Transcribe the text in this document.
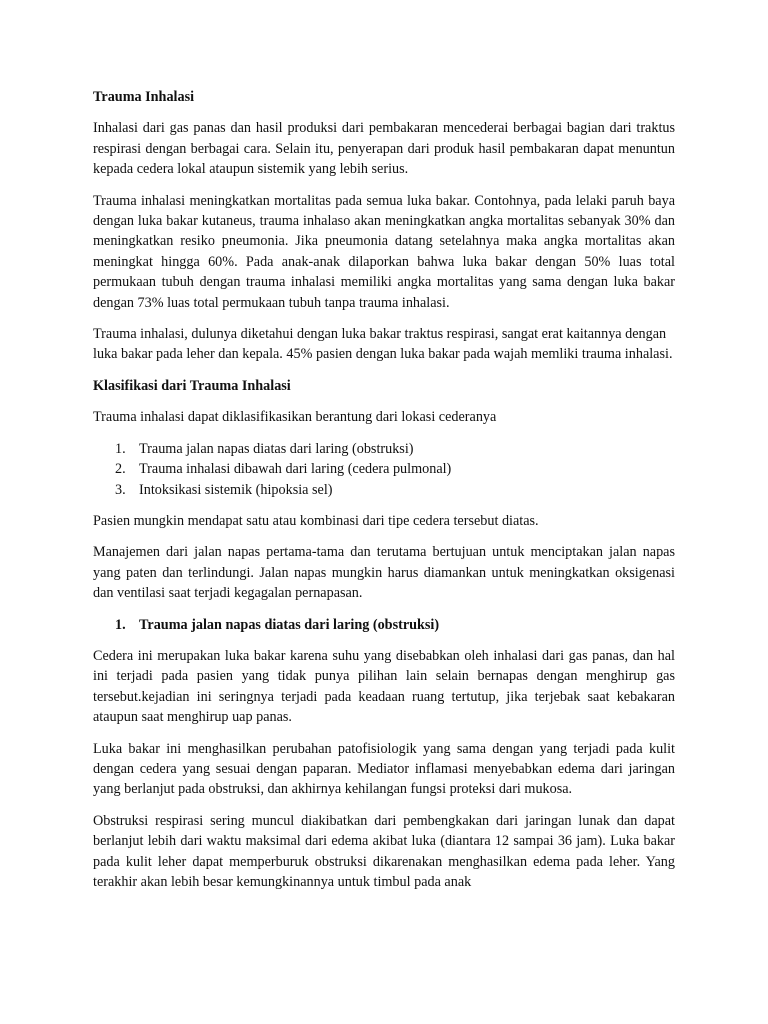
Trauma Inhalasi

Inhalasi dari gas panas dan hasil produksi dari pembakaran mencederai berbagai bagian dari traktus respirasi dengan berbagai cara. Selain itu, penyerapan dari produk hasil pembakaran dapat menuntun kepada cedera lokal ataupun sistemik yang lebih serius.

Trauma inhalasi meningkatkan mortalitas pada semua luka bakar. Contohnya, pada lelaki paruh baya dengan luka bakar kutaneus, trauma inhalaso akan meningkatkan angka mortalitas sebanyak 30% dan meningkatkan resiko pneumonia. Jika pneumonia datang setelahnya maka angka mortalitas akan meningkat hingga 60%. Pada anak-anak dilaporkan bahwa luka bakar dengan 50% luas total permukaan tubuh dengan trauma inhalasi memiliki angka mortalitas yang sama dengan luka bakar dengan 73% luas total permukaan tubuh tanpa trauma inhalasi.

Trauma inhalasi, dulunya diketahui dengan luka bakar traktus respirasi, sangat erat kaitannya dengan luka bakar pada leher dan kepala. 45% pasien dengan luka bakar pada wajah memliki trauma inhalasi.

Klasifikasi dari Trauma Inhalasi

Trauma inhalasi dapat diklasifikasikan berantung dari lokasi cederanya

1. Trauma jalan napas diatas dari laring (obstruksi)
2. Trauma inhalasi dibawah dari laring (cedera pulmonal)
3. Intoksikasi sistemik (hipoksia sel)

Pasien mungkin mendapat satu atau kombinasi dari tipe cedera tersebut diatas.

Manajemen dari jalan napas pertama-tama dan terutama bertujuan untuk menciptakan jalan napas yang paten dan terlindungi. Jalan napas mungkin harus diamankan untuk meningkatkan oksigenasi dan ventilasi saat terjadi kegagalan pernapasan.

1. Trauma jalan napas diatas dari laring (obstruksi)

Cedera ini merupakan luka bakar karena suhu yang disebabkan oleh inhalasi dari gas panas, dan hal ini terjadi pada pasien yang tidak punya pilihan lain selain bernapas dengan menghirup gas tersebut.kejadian ini seringnya terjadi pada keadaan ruang tertutup, jika terjebak saat kebakaran ataupun saat menghirup uap panas.

Luka bakar ini menghasilkan perubahan patofisiologik yang sama dengan yang terjadi pada kulit dengan cedera yang sesuai dengan paparan. Mediator inflamasi menyebabkan edema dari jaringan yang berlanjut pada obstruksi, dan akhirnya kehilangan fungsi proteksi dari mukosa.

Obstruksi respirasi sering muncul diakibatkan dari pembengkakan dari jaringan lunak dan dapat berlanjut lebih dari waktu maksimal dari edema akibat luka (diantara 12 sampai 36 jam). Luka bakar pada kulit leher dapat memperburuk obstruksi dikarenakan menghasilkan edema pada leher. Yang terakhir akan lebih besar kemungkinannya untuk timbul pada anak
